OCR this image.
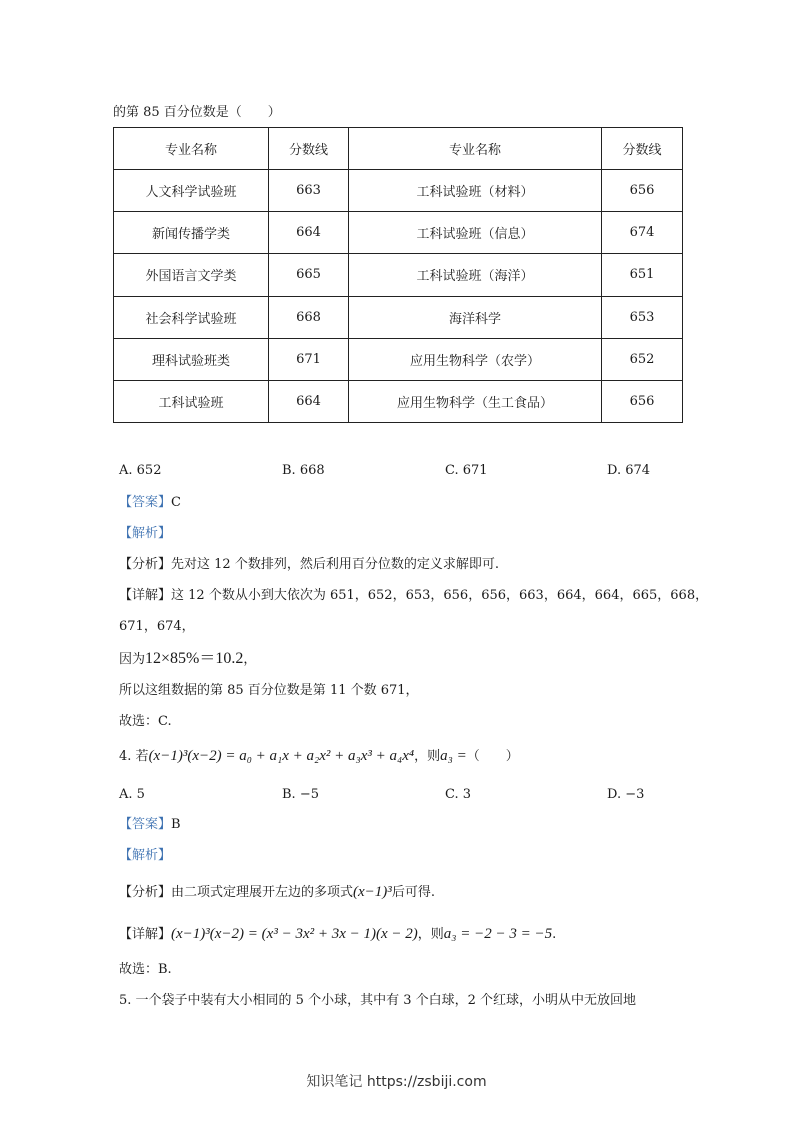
的第 85 百分位数是（　　）
专业名称	分数线	专业名称	分数线
人文科学试验班	663	工科试验班（材料）	656
新闻传播学类	664	工科试验班（信息）	674
外国语言文学类	665	工科试验班（海洋）	651
社会科学试验班	668	海洋科学	653
理科试验班类	671	应用生物科学（农学）	652
工科试验班	664	应用生物科学（生工食品）	656
A. 652	B. 668	C. 671	D. 674
【答案】C
【解析】
【分析】先对这 12 个数排列，然后利用百分位数的定义求解即可.
【详解】这 12 个数从小到大依次为 651，652，653，656，656，663，664，664，665，668，
671，674，
因为12×85%＝10.2，
所以这组数据的第 85 百分位数是第 11 个数 671，
故选：C.
4. 若(x−1)³(x−2) = a₀ + a₁x + a₂x² + a₃x³ + a₄x⁴，则a₃ =（　　）
A. 5	B. −5	C. 3	D. −3
【答案】B
【解析】
【分析】由二项式定理展开左边的多项式(x−1)³后可得.
【详解】(x−1)³(x−2) = (x³ − 3x² + 3x − 1)(x − 2)，则a₃ = −2 − 3 = −5.
故选：B.
5. 一个袋子中装有大小相同的 5 个小球，其中有 3 个白球，2 个红球，小明从中无放回地
知识笔记 https://zsbiji.com
